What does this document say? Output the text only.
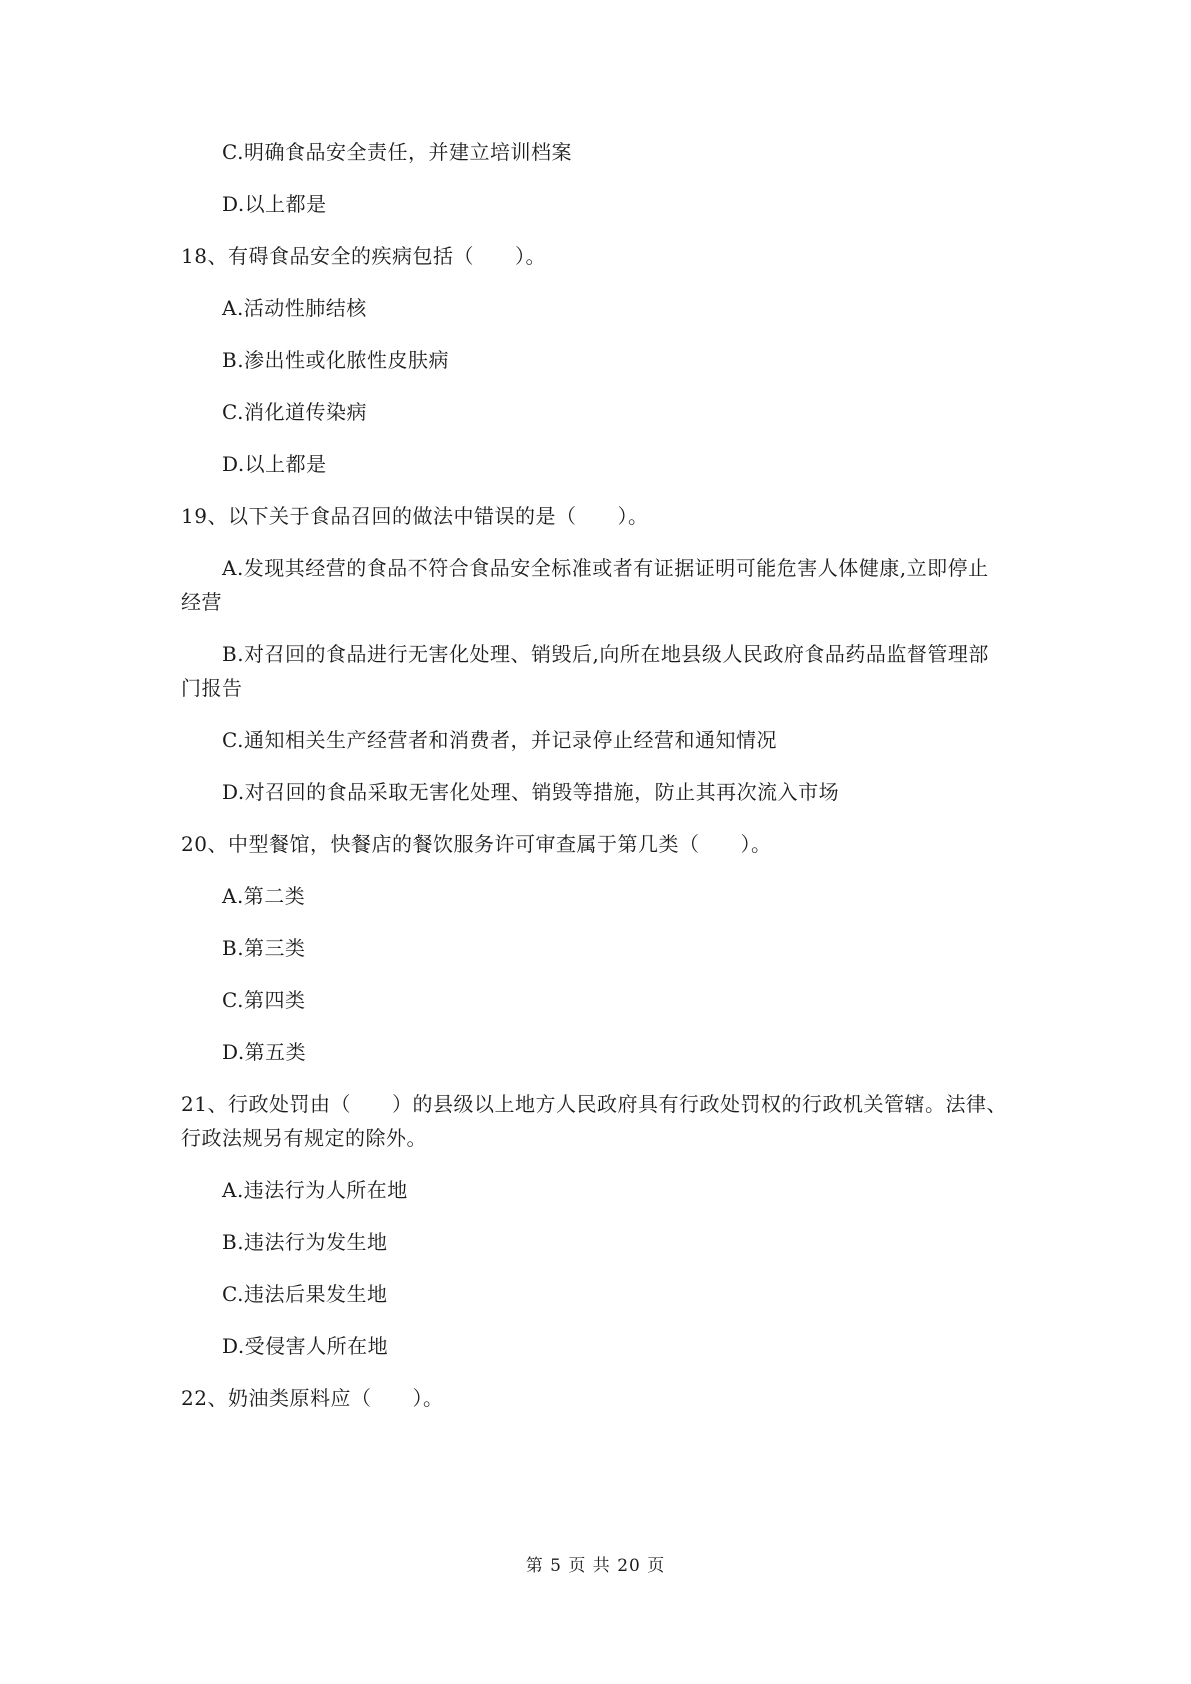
C.明确食品安全责任，并建立培训档案
D.以上都是
18、有碍食品安全的疾病包括（　　）。
A.活动性肺结核
B.渗出性或化脓性皮肤病
C.消化道传染病
D.以上都是
19、以下关于食品召回的做法中错误的是（　　）。
A.发现其经营的食品不符合食品安全标准或者有证据证明可能危害人体健康,立即停止
经营
B.对召回的食品进行无害化处理、销毁后,向所在地县级人民政府食品药品监督管理部
门报告
C.通知相关生产经营者和消费者，并记录停止经营和通知情况
D.对召回的食品采取无害化处理、销毁等措施，防止其再次流入市场
20、中型餐馆，快餐店的餐饮服务许可审查属于第几类（　　）。
A.第二类
B.第三类
C.第四类
D.第五类
21、行政处罚由（　　）的县级以上地方人民政府具有行政处罚权的行政机关管辖。法律、
行政法规另有规定的除外。
A.违法行为人所在地
B.违法行为发生地
C.违法后果发生地
D.受侵害人所在地
22、奶油类原料应（　　）。
第 5 页 共 20 页
